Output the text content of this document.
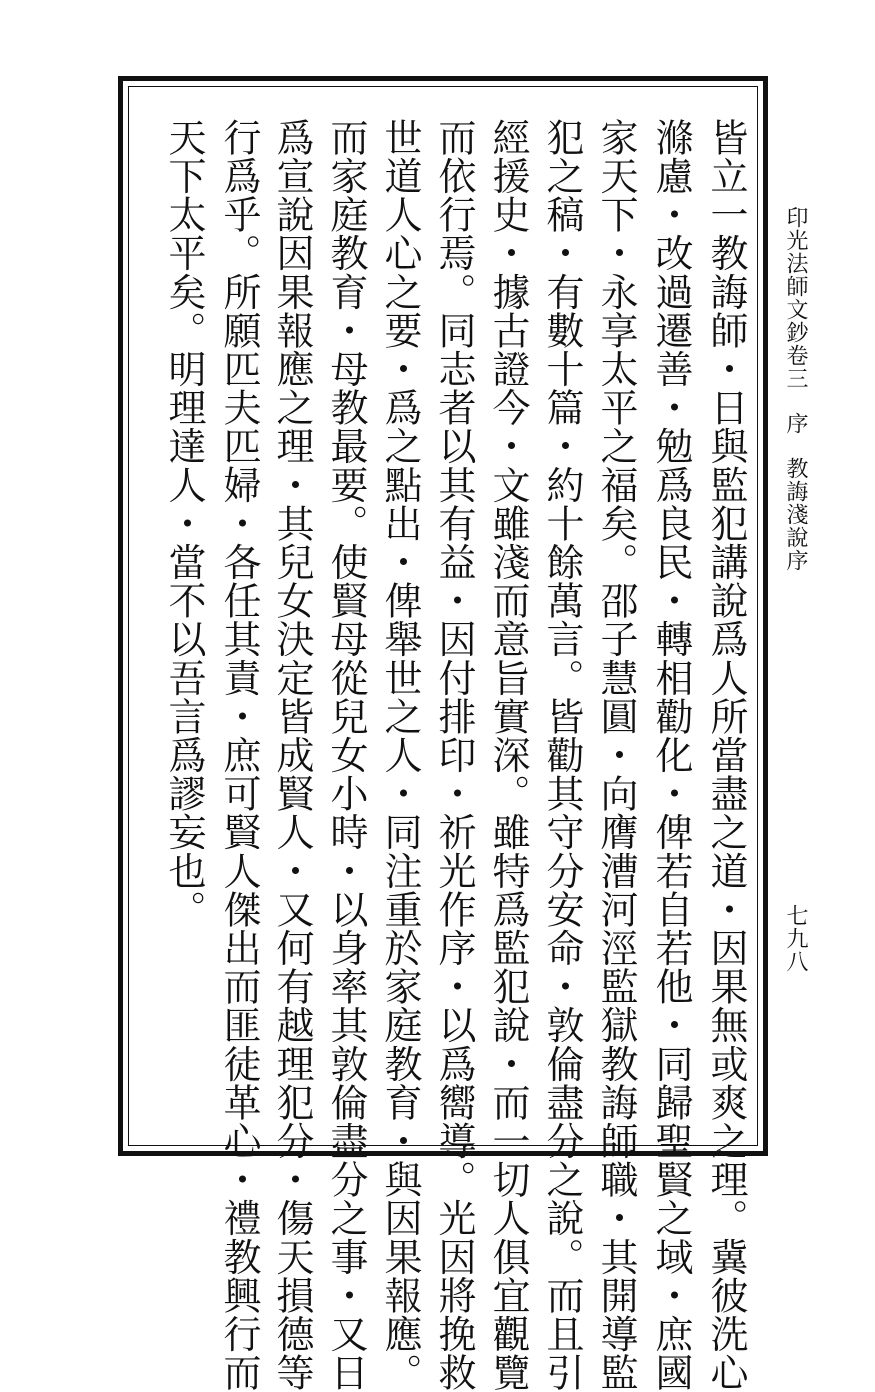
印光法師文鈔卷三序教誨淺說序
七九八

皆立一教誨師・日與監犯講說爲人所當盡之道・因果無或爽之理。冀彼洗心

滌慮・改過遷善・勉爲良民・轉相勸化・俾若自若他・同歸聖賢之域・庶國

家天下・永享太平之福矣。邵子慧圓・向膺漕河涇監獄教誨師職・其開導監

犯之稿・有數十篇・約十餘萬言。皆勸其守分安命・敦倫盡分之說。而且引

經援史・據古證今・文雖淺而意旨實深。雖特爲監犯說・而一切人俱宜觀覽

而依行焉。同志者以其有益・因付排印・祈光作序・以爲嚮導。光因將挽救

世道人心之要・爲之點出・俾舉世之人・同注重於家庭教育・與因果報應。

而家庭教育・母教最要。使賢母從兒女小時・以身率其敦倫盡分之事・又日

爲宣說因果報應之理・其兒女決定皆成賢人・又何有越理犯分・傷天損德等

行爲乎。所願匹夫匹婦・各任其責・庶可賢人傑出而匪徒革心・禮教興行而

天下太平矣。明理達人・當不以吾言爲謬妄也。
